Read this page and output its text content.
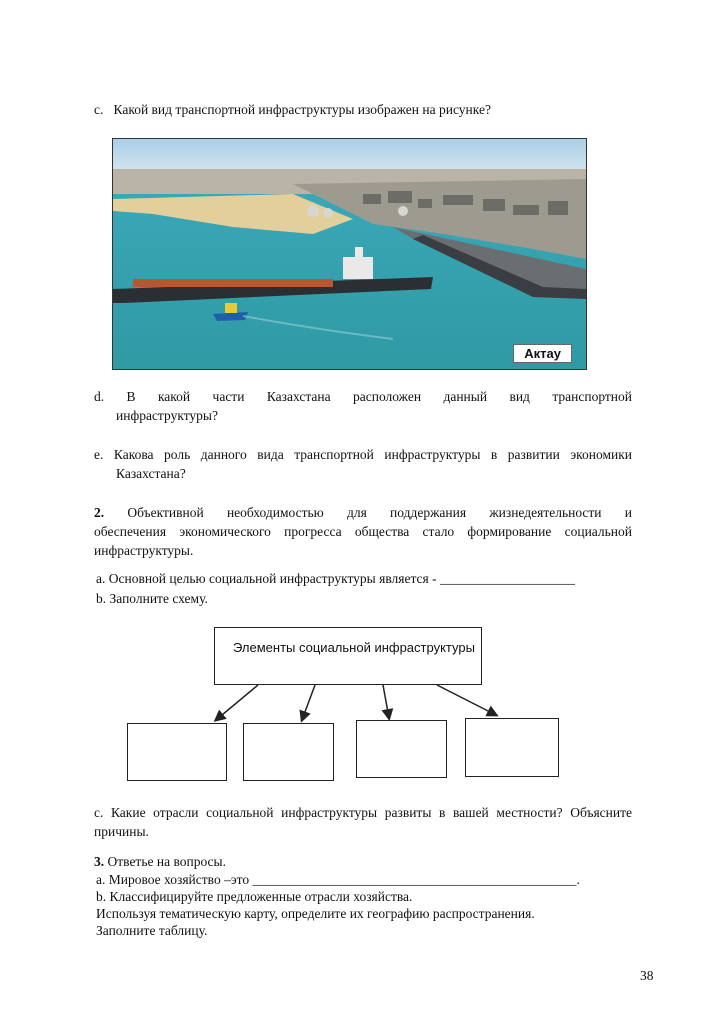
c. Какой вид транспортной инфраструктуры изображен на рисунке?
Актау
d. В какой части Казахстана расположен данный вид транспортной
инфраструктуры?
e. Какова роль данного вида транспортной инфраструктуры в развитии экономики
Казахстана?
2. Объективной необходимостью для поддержания жизнедеятельности и
обеспечения экономического прогресса общества стало формирование социальной
инфраструктуры.
a. Основной целью социальной инфраструктуры является - ____________________
b. Заполните схему.
Элементы социальной инфраструктуры
c. Какие отрасли социальной инфраструктуры развиты в вашей местности? Объясните
причины.
3. Ответье на вопросы.
a. Мировое хозяйство –это ________________________________________________.
b. Классифицируйте предложенные отрасли хозяйства.
Используя тематическую карту, определите их географию распространения.
Заполните таблицу.
38
